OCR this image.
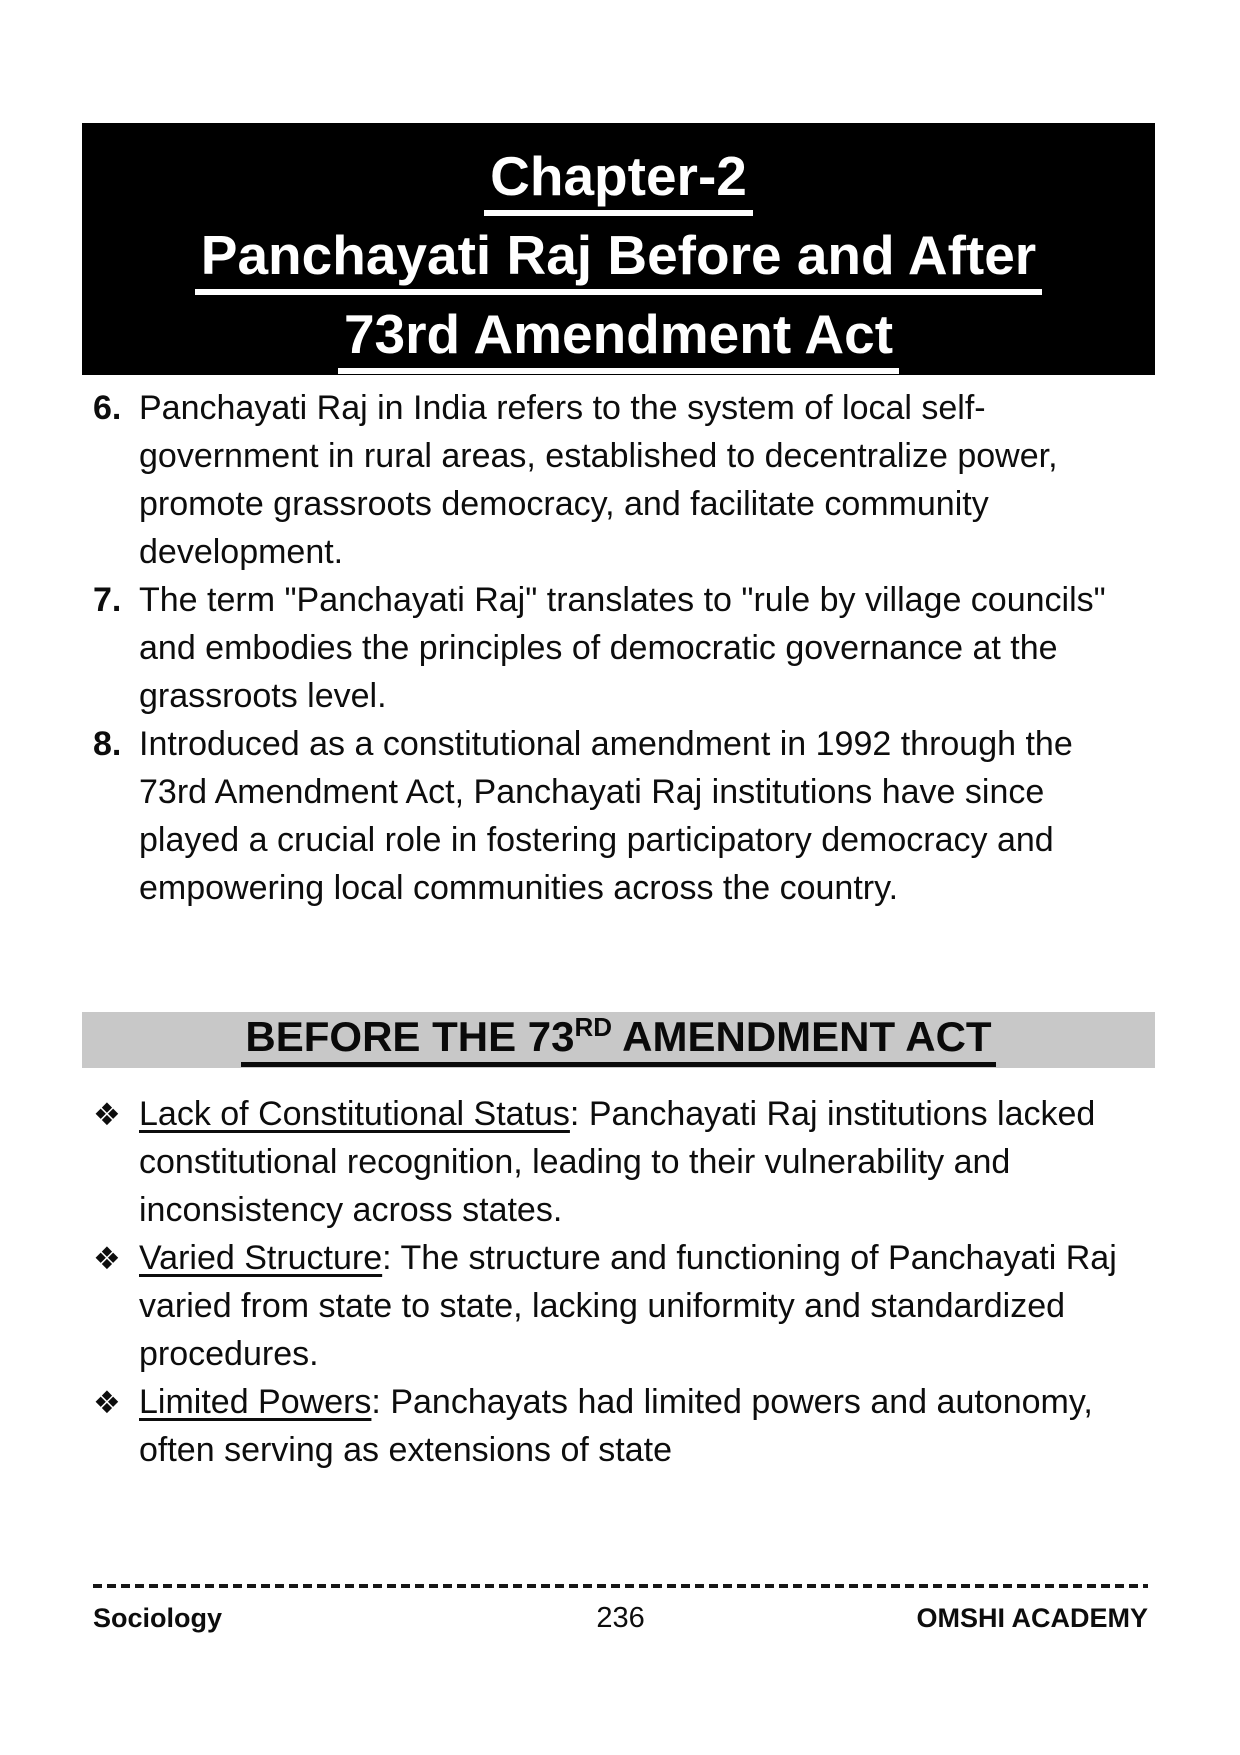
Chapter-2
Panchayati Raj Before and After
73rd Amendment Act
6. Panchayati Raj in India refers to the system of local self-government in rural areas, established to decentralize power, promote grassroots democracy, and facilitate community development.
7. The term "Panchayati Raj" translates to "rule by village councils" and embodies the principles of democratic governance at the grassroots level.
8. Introduced as a constitutional amendment in 1992 through the 73rd Amendment Act, Panchayati Raj institutions have since played a crucial role in fostering participatory democracy and empowering local communities across the country.
BEFORE THE 73RD AMENDMENT ACT
❖ Lack of Constitutional Status: Panchayati Raj institutions lacked constitutional recognition, leading to their vulnerability and inconsistency across states.
❖ Varied Structure: The structure and functioning of Panchayati Raj varied from state to state, lacking uniformity and standardized procedures.
❖ Limited Powers: Panchayats had limited powers and autonomy, often serving as extensions of state
Sociology	236	OMSHI ACADEMY
